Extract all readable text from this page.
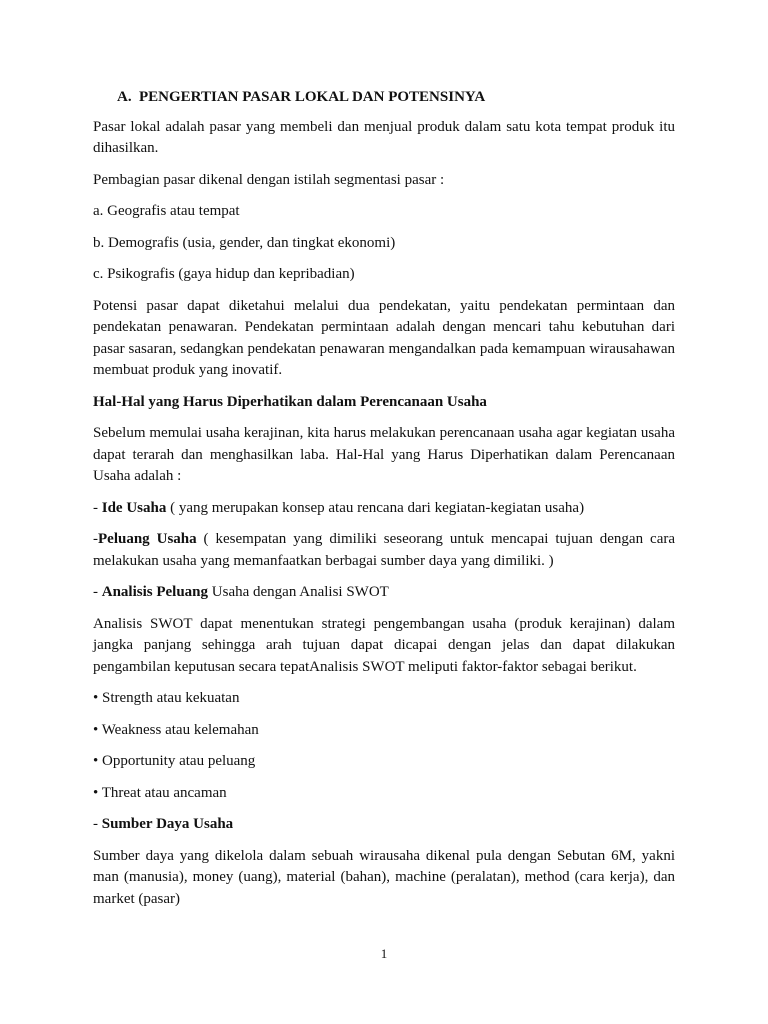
A. PENGERTIAN PASAR LOKAL DAN POTENSINYA

Pasar lokal adalah pasar yang membeli dan menjual produk dalam satu kota tempat produk itu dihasilkan.

Pembagian pasar dikenal dengan istilah segmentasi pasar :

a. Geografis atau tempat

b. Demografis (usia, gender, dan tingkat ekonomi)

c. Psikografis (gaya hidup dan kepribadian)

Potensi pasar dapat diketahui melalui dua pendekatan, yaitu pendekatan permintaan dan pendekatan penawaran. Pendekatan permintaan adalah dengan mencari tahu kebutuhan dari pasar sasaran, sedangkan pendekatan penawaran mengandalkan pada kemampuan wirausahawan membuat produk yang inovatif.

Hal-Hal yang Harus Diperhatikan dalam Perencanaan Usaha

Sebelum memulai usaha kerajinan, kita harus melakukan perencanaan usaha agar kegiatan usaha dapat terarah dan menghasilkan laba. Hal-Hal yang Harus Diperhatikan dalam Perencanaan Usaha adalah :

- Ide Usaha ( yang merupakan konsep atau rencana dari kegiatan-kegiatan usaha)

-Peluang Usaha ( kesempatan yang dimiliki seseorang untuk mencapai tujuan dengan cara melakukan usaha yang memanfaatkan berbagai sumber daya yang dimiliki. )

- Analisis Peluang Usaha dengan Analisi SWOT

Analisis SWOT dapat menentukan strategi pengembangan usaha (produk kerajinan) dalam jangka panjang sehingga arah tujuan dapat dicapai dengan jelas dan dapat dilakukan pengambilan keputusan secara tepatAnalisis SWOT meliputi faktor-faktor sebagai berikut.

• Strength atau kekuatan

• Weakness atau kelemahan

• Opportunity atau peluang

• Threat atau ancaman

- Sumber Daya Usaha

Sumber daya yang dikelola dalam sebuah wirausaha dikenal pula dengan Sebutan 6M, yakni man (manusia), money (uang), material (bahan), machine (peralatan), method (cara kerja), dan market (pasar)

1
